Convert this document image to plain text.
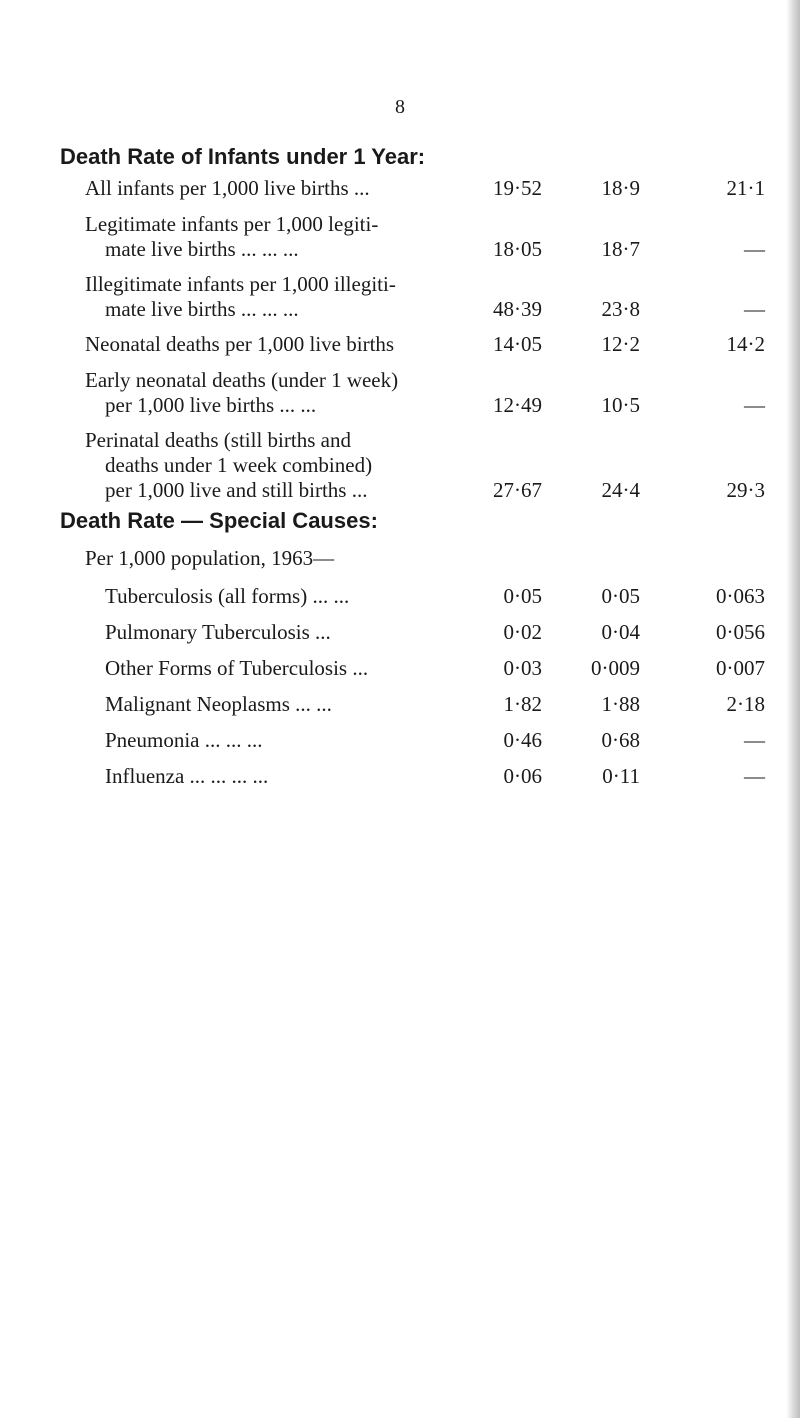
8
Death Rate of Infants under 1 Year:
All infants per 1,000 live births ...	19·52	18·9	21·1
Legitimate infants per 1,000 legiti-
mate live births ... ... ...	18·05	18·7	—
Illegitimate infants per 1,000 illegiti-
mate live births ... ... ...	48·39	23·8	—
Neonatal deaths per 1,000 live births	14·05	12·2	14·2
Early neonatal deaths (under 1 week)
per 1,000 live births ... ...	12·49	10·5	—
Perinatal deaths (still births and
deaths under 1 week combined)
per 1,000 live and still births ...	27·67	24·4	29·3
Death Rate — Special Causes:
Per 1,000 population, 1963—
Tuberculosis (all forms) ... ...	0·05	0·05	0·063
Pulmonary Tuberculosis ...	0·02	0·04	0·056
Other Forms of Tuberculosis ...	0·03	0·009	0·007
Malignant Neoplasms ... ...	1·82	1·88	2·18
Pneumonia ... ... ...	0·46	0·68	—
Influenza ... ... ... ...	0·06	0·11	—
